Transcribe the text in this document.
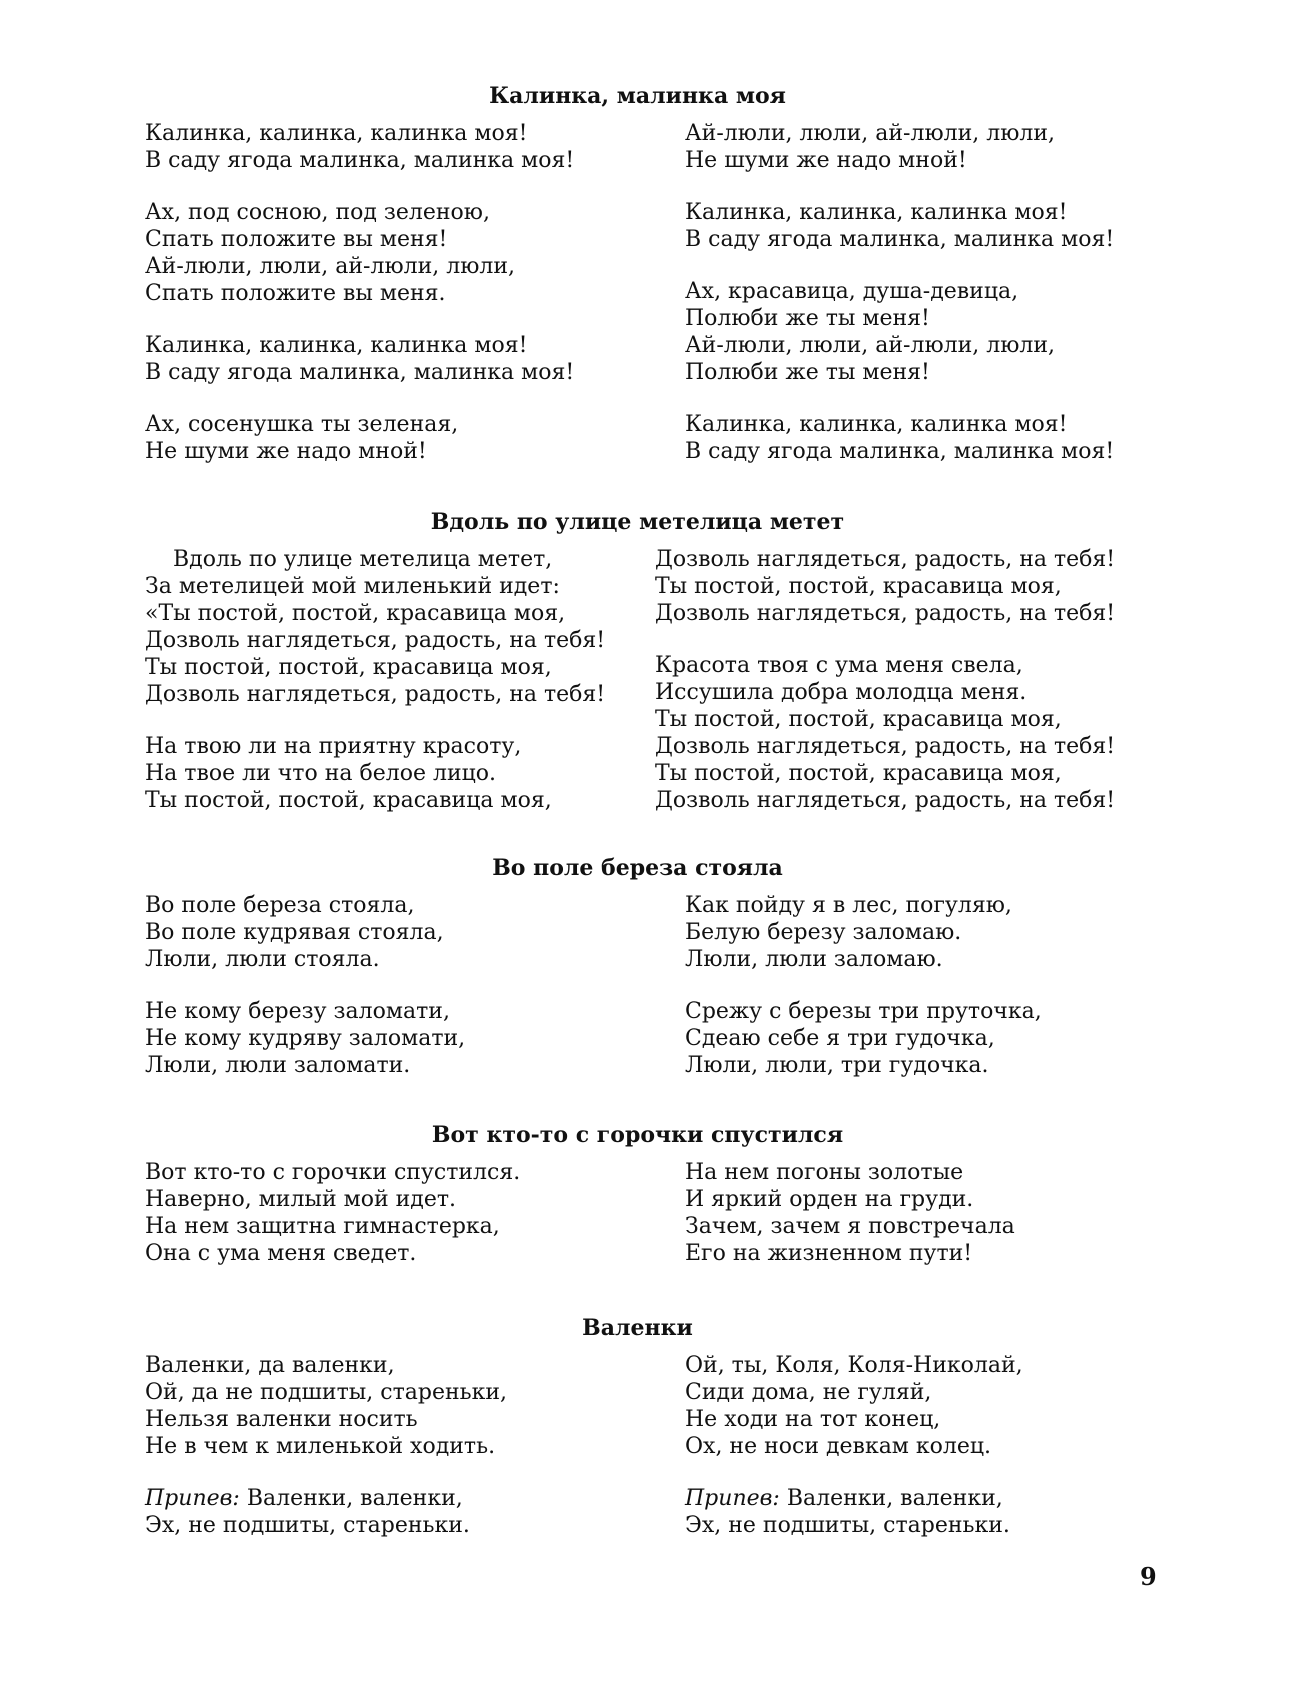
Калинка, малинка моя
Калинка, калинка, калинка моя!
В саду ягода малинка, малинка моя!
Ах, под сосною, под зеленою,
Спать положите вы меня!
Ай-люли, люли, ай-люли, люли,
Спать положите вы меня.
Калинка, калинка, калинка моя!
В саду ягода малинка, малинка моя!
Ах, сосенушка ты зеленая,
Не шуми же надо мной!
Ай-люли, люли, ай-люли, люли,
Не шуми же надо мной!
Калинка, калинка, калинка моя!
В саду ягода малинка, малинка моя!
Ах, красавица, душа-девица,
Полюби же ты меня!
Ай-люли, люли, ай-люли, люли,
Полюби же ты меня!
Калинка, калинка, калинка моя!
В саду ягода малинка, малинка моя!
Вдоль по улице метелица метет
Вдоль по улице метелица метет,
За метелицей мой миленький идет:
«Ты постой, постой, красавица моя,
Дозволь наглядеться, радость, на тебя!
Ты постой, постой, красавица моя,
Дозволь наглядеться, радость, на тебя!
На твою ли на приятну красоту,
На твое ли что на белое лицо.
Ты постой, постой, красавица моя,
Дозволь наглядеться, радость, на тебя!
Ты постой, постой, красавица моя,
Дозволь наглядеться, радость, на тебя!
Красота твоя с ума меня свела,
Иссушила добра молодца меня.
Ты постой, постой, красавица моя,
Дозволь наглядеться, радость, на тебя!
Ты постой, постой, красавица моя,
Дозволь наглядеться, радость, на тебя!
Во поле береза стояла
Во поле береза стояла,
Во поле кудрявая стояла,
Люли, люли стояла.
Не кому березу заломати,
Не кому кудряву заломати,
Люли, люли заломати.
Как пойду я в лес, погуляю,
Белую березу заломаю.
Люли, люли заломаю.
Срежу с березы три пруточка,
Сдеаю себе я три гудочка,
Люли, люли, три гудочка.
Вот кто-то с горочки спустился
Вот кто-то с горочки спустился.
Наверно, милый мой идет.
На нем защитна гимнастерка,
Она с ума меня сведет.
На нем погоны золотые
И яркий орден на груди.
Зачем, зачем я повстречала
Его на жизненном пути!
Валенки
Валенки, да валенки,
Ой, да не подшиты, стареньки,
Нельзя валенки носить
Не в чем к миленькой ходить.
Припев: Валенки, валенки,
Эх, не подшиты, стареньки.
Ой, ты, Коля, Коля-Николай,
Сиди дома, не гуляй,
Не ходи на тот конец,
Ох, не носи девкам колец.
Припев: Валенки, валенки,
Эх, не подшиты, стареньки.
9
